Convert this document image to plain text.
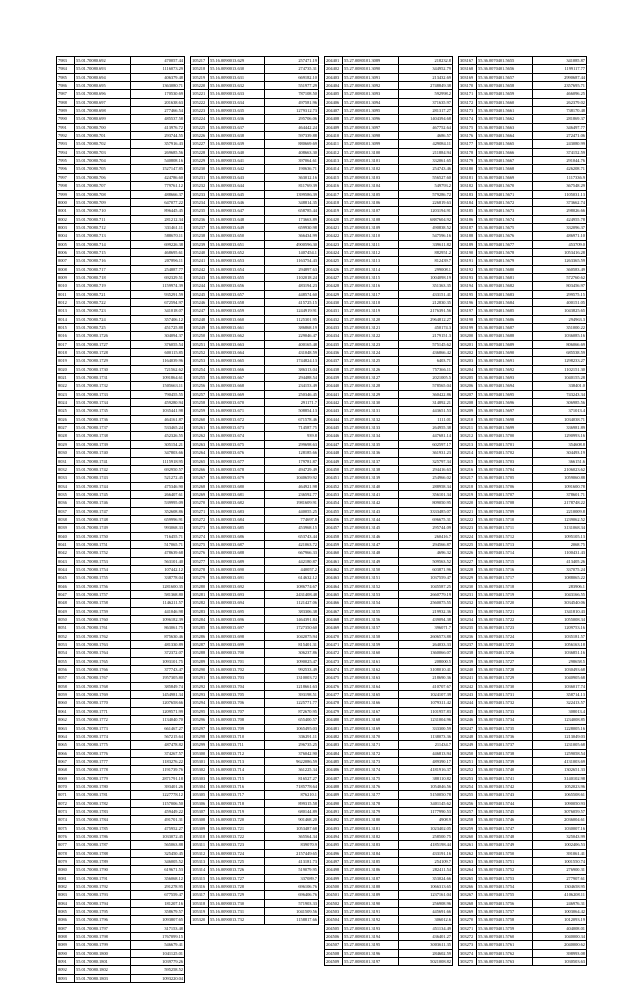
7983	55.01.70080.692	470057.44
7984	55.01.70080.693	1116073.29
7985	55.01.70080.694	406379.48
7986	55.01.70080.695	1363080.71
7987	55.01.70080.696	170530.69
7988	55.01.70080.697	201638.63
7989	55.01.70080.698	277466.54
7990	55.01.70080.699	485537.58
7991	55.01.70080.700	413976.72
7992	55.01.70080.701	293744.55
7993	55.01.70080.702	357916.43
7994	55.01.70080.703	269685.56
7995	55.01.70080.704	540808.16
7996	55.01.70080.705	1527147.85
7997	55.01.70080.706	424786.60
7998	55.01.70080.707	779761.12
7999	55.01.70080.708	488666.37
8000	55.01.70080.709	647077.22
8001	55.01.70080.710	896445.45
8002	55.01.70080.711	281212.34
8003	55.01.70080.712	331461.11
8004	55.01.70080.713	588670.11
8005	55.01.70080.714	699226.38
8006	55.01.70080.715	468695.61
8007	55.01.70080.716	207896.11
8008	55.01.70080.717	254887.77
8009	55.01.70080.718	692329.51
8010	55.01.70080.719	1159974.39
8011	55.01.70080.721	935291.59
8012	55.01.70080.722	672594.97
8013	55.01.70080.723	341018.07
8014	55.01.70080.724	357406.12
8015	55.01.70080.725	451725.88
8016	55.01.70080.1726	304094.37
8017	55.01.70080.1727	376055.54
8018	55.01.70080.1728	600115.85
8019	55.01.70080.1729	1164039.96
8020	55.01.70080.1730	721562.62
8021	55.01.70080.1731	1091864.61
8022	55.01.70080.1732	1505663.11
8023	55.01.70080.1733	790455.55
8024	55.01.70080.1734	459280.94
8025	55.01.70080.1735	1035441.98
8026	55.01.70080.1736	464161.87
8027	55.01.70080.1737	533465.24
8028	55.01.70080.1738	452326.55
8029	55.01.70080.1739	305154.21
8030	55.01.70080.1740	347803.66
8031	55.01.70080.1741	1115918.95
8032	55.01.70080.1742	692950.57
8033	55.01.70080.1743	521272.45
8034	55.01.70080.1744	475346.90
8035	55.01.70080.1745	266407.61
8036	55.01.70080.1746	539995.09
8037	55.01.70080.1747	352608.86
8038	55.01.70080.1748	659996.91
8039	55.01.70080.1749	993068.33
8040	55.01.70080.1750	716455.71
8041	55.01.70080.1751	517065.71
8042	55.01.70080.1752	478639.68
8043	55.01.70080.1753	563101.40
8044	55.01.70080.1754	107442.12
8045	55.01.70080.1755	338778.04
8046	55.01.70080.1756	1281600.35
8047	55.01.70080.1757	581368.80
8048	55.01.70080.1758	1146211.57
8049	55.01.70080.1759	441046.98
8050	55.01.70080.1760	1096182.39
8051	55.01.70080.1761	863061.75
8052	55.01.70080.1762	875630.46
8053	55.01.70080.1763	481330.89
8054	55.01.70080.1764	372372.07
8055	55.01.70080.1765	1093101.75
8056	55.01.70080.1766	377743.47
8057	55.01.70080.1767	1957305.80
8058	55.01.70080.1768	385849.74
8059	55.01.70080.1769	1454981.34
8060	55.01.70080.1770	1207658.66
8061	55.01.70080.1771	1209571.99
8062	55.01.70080.1772	1134040.70
8063	55.01.70080.1773	661467.27
8064	55.01.70080.1774	567215.64
8065	55.01.70080.1775	487478.82
8066	55.01.70080.1776	374267.57
8067	55.01.70080.1777	1183276.22
8068	55.01.70080.1778	1191739.76
8069	55.01.70080.1779	2871791.18
8070	55.01.70080.1780	393401.26
8071	55.01.70080.1781	1227778.12
8072	55.01.70080.1782	1157006.50
8073	55.01.70080.1783	459449.22
8074	55.01.70080.1784	491701.31
8075	55.01.70080.1785	475952.27
8076	55.01.70080.1786	1033072.45
8077	55.01.70080.1787	565063.88
8078	55.01.70080.1788	325450.45
8079	55.01.70080.1789	346005.52
8080	55.01.70080.1790	619671.53
8081	55.01.70080.1791	356068.12
8082	55.01.70080.1792	291278.95
8083	55.01.70080.1793	677559.47
8084	55.01.70080.1794	181207.16
8085	55.01.70080.1795	358679.57
8086	55.01.70080.1796	1093807.65
8087	55.01.70080.1797	317153.48
8088	55.01.70080.1798	1767099.15
8089	55.01.70080.1799	546679.41
8090	55.01.70080.1800	1041125.01
8091	55.01.70080.1801	1039779.26
8092	55.01.70080.1802	595258.52
8093	55.01.70080.1803	1093220.04
105217	55.16.0090013.629	257471.19
105218	55.16.0090013.630	274735.31
105219	55.16.0090013.631	669182.10
105220	55.16.0090013.632	551977.29
105221	55.16.0090013.633	787108.50
105222	55.16.0090013.634	497581.96
105223	55.16.0090013.635	1279312.73
105224	55.16.0090013.636	295706.06
105225	55.16.0090013.637	464442.24
105226	55.16.0090013.638	597339.88
105227	55.16.0090013.639	880669.69
105228	55.16.0090013.640	408663.30
105229	55.16.0090013.641	397064.61
105230	55.16.0090013.642	190636.71
105231	55.16.0090013.643	363012.16
105232	55.16.0090013.644	811769.39
105233	55.16.0090013.645	1399586.39
105234	55.16.0090013.646	348814.35
105235	55.16.0090013.647	658785.44
105236	55.16.0090013.648	173663.89
105237	55.16.0090013.649	659930.98
105238	55.16.0090013.650	366434.99
105239	55.16.0090013.651	4900596.30
105240	55.16.0090013.652	1407454.1
105241	55.16.0090013.653	1163754.43
105242	55.16.0090013.654	294897.63
105243	55.16.0090013.655	1102018.24
105244	55.16.0090013.656	483194.23
105245	55.16.0090013.657	448574.60
105246	55.16.0090013.658	415725.15
105247	55.16.0090013.659	1244919.91
105248	55.16.0090013.660	1125301.95
105249	55.16.0090013.661	386868.19
105250	55.16.0090013.662	229046.47
105251	55.16.0090013.663	400165.48
105252	55.16.0090013.664	431048.59
105253	55.16.0090013.665	1744824.13
105254	55.16.0090013.666	386313.04
105255	55.16.0090013.667	294488.54
105256	55.16.0090013.668	234153.49
105257	55.16.0090013.669	250346.45
105258	55.16.0090013.670	291171.7
105259	55.16.0090013.671	508854.13
105260	55.16.0090013.672	671578.46
105261	55.16.0090013.673	714587.75
105262	55.16.0090013.674	939.8
105263	55.16.0090013.675	299698.63
105264	55.16.0090013.676	128185.66
105265	55.16.0090013.677	179781.87
105266	55.16.0090013.678	494729.49
105267	55.16.0090013.679	1040659.92
105268	55.16.0090013.680	464921.98
105269	55.16.0090013.681	236592.77
105270	55.16.0090013.682	1981609.91
105271	55.16.0090013.683	440055.25
105272	55.16.0090013.684	774697.8
105273	55.16.0090013.685	453968.15
105274	55.16.0090013.686	653743.44
105275	55.16.0090013.687	421063.72
105276	55.16.0090013.688	667966.33
105277	55.16.0090013.689	442180.87
105278	55.16.0090013.690	440057.2
105279	55.16.0090013.691	614632.12
105280	55.16.0090013.692	1086774.67
105281	55.16.0090013.693	2431408.48
105282	55.16.0090013.694	1121427.06
105283	55.16.0090013.695	383306.38
105284	55.16.0090013.696	1464391.84
105285	55.16.0090013.697	1727350.60
105286	55.16.0090013.698	1042075.94
105287	55.16.0090013.699	815401.31
105288	55.16.0090013.700	306237.86
105289	55.16.0090013.701	1090025.47
105290	55.16.0090013.702	992533.49
105291	55.16.0090013.703	1310003.72
105292	55.16.0090013.704	1218661.63
105293	55.16.0090013.705	393198.51
105294	55.16.0090013.706	1225771.77
105295	55.16.0090013.707	872670.95
105296	55.16.0090013.708	655400.57
105297	55.16.0090013.709	1065495.03
105298	55.16.0090013.710	336291.11
105299	55.16.0090013.711	296735.25
105300	55.16.0090013.712	376042.90
105301	55.16.0090013.713	9622086.59
105302	55.16.0090013.714	361225.34
105303	55.16.0090013.715	816527.27
105304	55.16.0090013.716	7185778.64
105305	55.16.0090013.717	876210.1
105306	55.16.0090013.718	899315.58
105307	55.16.0090013.719	680144.89
105308	55.16.0090013.720	901468.20
105309	55.16.0090013.721	1053487.68
105310	55.16.0090013.722	365564.34
105311	55.16.0090013.723	839070.9
105312	55.16.0090013.724	2157449.65
105313	55.16.0090013.725	413181.73
105314	55.16.0090013.726	519079.95
105315	55.16.0090013.727	337089.7
105316	55.16.0090013.728	696106.76
105317	55.16.0090013.729	696406.76
105318	55.16.0090013.730	571903.33
105319	55.16.0090013.731	1041509.56
105320	55.16.0090013.732	1158817.66
204401	55.27.0080101.3089	218232.8
204402	55.27.0080101.3090	344952.79
204403	55.27.0080101.3091	213432.69
204404	55.27.0080101.3092	2748849.38
204405	55.27.0080101.3093	592998.2
204406	55.27.0080101.3094	371635.97
204407	55.27.0080101.3095	281317.27
204408	55.27.0080101.3096	1404394.68
204409	55.27.0080101.3097	467752.64
204410	55.27.0080101.3098	4686.57
204411	55.27.0080101.3099	429084.11
204412	55.27.0080101.3100	211884.94
204413	55.27.0080101.3101	332061.65
204414	55.27.0080101.3102	254743.46
204415	55.27.0080101.3103	556527.60
204416	55.27.0080101.3104	549793.2
204417	55.27.0080101.3105	579286.72
204418	55.27.0080101.3106	226819.63
204419	55.27.0080101.3107	1203194.91
204420	55.27.0080101.3108	6887604.92
204421	55.27.0080101.3109	490838.52
204422	55.27.0080101.3110	547596.16
204423	55.27.0080101.3111	339611.82
204424	55.27.0080101.3112	882951.2
204425	55.27.0080101.3113	812439.7
204426	55.27.0080101.3114	299008.1
204427	55.27.0080101.3115	1004098.19
204428	55.27.0080101.3116	351363.35
204429	55.27.0080101.3117	433151.41
204430	55.27.0080101.3118	212830.35
204431	55.27.0080101.3119	2176391.56
204432	55.27.0080101.3120	2964812.27
204433	55.27.0080101.3121	450174.3
204434	55.27.0080101.3122	2179151.3
204435	55.27.0080101.3123	575145.62
204436	55.27.0080101.3124	436866.42
204437	55.27.0080101.3125	6403.71
204438	55.27.0080101.3126	757366.11
204439	55.27.0080101.3127	2021005.5
204440	55.27.0080101.3128	578565.04
204441	55.27.0080101.3129	360422.86
204442	55.27.0080101.3130	314892.21
204443	55.27.0080101.3131	443651.53
204444	55.27.0080101.3132	1111.01
204445	55.27.0080101.3133	264955.38
204446	55.27.0080101.3134	447681.14
204447	55.27.0080101.3135	602597.17
204448	55.27.0080101.3136	361931.23
204449	55.27.0080101.3137	325797.34
204450	55.27.0080101.3138	294416.63
204451	55.27.0080101.3139	254966.02
204452	55.27.0080101.3140	288958.34
204453	55.27.0080101.3141	356101.34
204454	55.27.0080101.3142	809050.95
204455	55.27.0080101.3143	3333485.07
204456	55.27.0080101.3144	696675.31
204457	55.27.0080101.3145	295744.09
204458	55.27.0080101.3146	260416.7
204459	55.27.0080101.3147	294566.87
204460	55.27.0080101.3148	4696.32
204461	55.27.0080101.3149	509563.52
204462	55.27.0080101.3150	603871.96
204463	55.27.0080101.3151	1037559.47
204464	55.27.0080101.3152	1045587.25
204465	55.27.0080101.3153	2660779.19
204466	55.27.0080101.3154	2560075.55
204467	55.27.0080101.3155	219932.36
204468	55.27.0080101.3156	439094.38
204469	55.27.0080101.3157	396071.7
204470	55.27.0080101.3158	2606573.88
204471	55.27.0080101.3159	264033.33
204472	55.27.0080101.3160	1360066.07
204473	55.27.0080101.3161	208000.5
204474	55.27.0080101.3162	3108010.41
204475	55.27.0080101.3163	218690.36
204476	55.27.0080101.3164	410707.67
204477	55.27.0080101.3165	1024107.39
204478	55.27.0080101.3166	1079311.42
204479	55.27.0080101.3167	1101957.83
204480	55.27.0080101.3168	1231004.96
204481	55.27.0080101.3169	333300.59
204482	55.27.0080101.3170	1138073.36
204483	55.27.0080101.3171	211434.7
204484	55.27.0080101.3172	446813.94
204485	55.27.0080101.3173	489390.17
204486	55.27.0080101.3174	4181916.37
204487	55.27.0080101.3175	388110.82
204488	55.27.0080101.3176	1054046.56
204489	55.27.0080101.3177	5150050.78
204490	55.27.0080101.3178	3401145.62
204491	55.27.0080101.3179	1177990.53
204492	55.27.0080101.3180	4908.9
204493	55.27.0080101.3181	1023402.05
204494	55.27.0080101.3182	258500.75
204495	55.27.0080101.3183	4185198.44
204496	55.27.0080101.3184	433191.16
204497	55.27.0080101.3185	254109.7
204498	55.27.0080101.3186	282411.54
204499	55.27.0080101.3187	353024.66
204500	55.27.0080101.3188	1066313.65
204501	55.27.0080101.3189	1237161.04
204502	55.27.0080101.3190	256908.96
204503	55.27.0080101.3191	445691.66
204504	55.27.0080101.3192	306012.6
204505	55.27.0080101.3193	451134.49
204506	55.27.0080101.3194	436401.27
204507	55.27.0080101.3195	3003611.35
204508	55.27.0080101.3196	284602.59
204509	55.27.0080101.3197	5021008.82
303167	55.36.0070401.5655	341085.87
303168	55.36.0070401.5656	1199117.77
303169	55.36.0070401.5657	2990687.44
303170	55.36.0070401.5658	2357695.71
303171	55.36.0070401.5659	466096.25
303172	55.36.0070401.5660	262379.02
303173	55.36.0070401.5661	738170.48
303174	55.36.0070401.5662	281869.37
303175	55.36.0070401.5663	346497.77
303176	55.36.0070401.5664	272471.06
303177	55.36.0070401.5665	243080.99
303178	55.36.0070401.5666	374152.59
303179	55.36.0070401.5667	291044.76
303180	55.36.0070401.5668	426208.71
303181	55.36.0070401.5669	1117336.9
303182	55.36.0070401.5670	367548.29
303183	55.36.0070401.5671	1105031.13
303184	55.36.0070401.5672	373662.74
303185	55.36.0070401.5673	298026.66
303186	55.36.0070401.5674	424955.78
303187	55.36.0070401.5675	332096.37
303188	55.36.0070401.5676	486971.10
303189	55.36.0070401.5677	453709.0
303190	55.36.0070401.5678	1053416.28
303191	55.36.0070401.5679	1263365.59
303192	55.36.0070401.5680	360583.49
303193	55.36.0070401.5681	572760.62
303194	55.36.0070401.5682	803456.97
303195	55.36.0070401.5683	299575.15
303196	55.36.0070401.5684	400151.05
303197	55.36.0070401.5685	1043825.65
303198	55.36.0070401.5686	294963.3
303199	55.36.0070401.5687	351000.22
303200	55.36.0070401.5688	1036085.16
303201	55.36.0070401.5689	806066.69
303202	55.36.0070401.5690	685538.59
303203	55.36.0070401.5691	1298233.27
303204	55.36.0070401.5692	1102151.30
303205	55.36.0070401.5693	1040155.28
303206	55.36.0070401.5694	338401.0
303207	55.36.0070401.5695	743243.34
303208	55.36.0070401.5696	306985.56
303209	55.36.0070401.5697	371013.4
303210	55.36.0070401.5698	1034038.71
303211	55.36.0070401.5699	336981.89
303212	55.36.0070401.5700	1290993.16
303213	55.36.0070401.5701	354608.8
303214	55.36.0070401.5702	304493.19
303215	55.36.0070401.5703	366151.6
303216	55.36.0070401.5704	2106023.62
303217	55.36.0070401.5705	1059060.88
303218	55.36.0070401.5706	1091600.78
303219	55.36.0070401.5707	378601.71
303220	55.36.0070401.5708	2178748.22
303221	55.36.0070401.5709	2210009.8
303222	55.36.0070401.5710	1239062.52
303223	55.36.0070401.5711	3131068.34
303224	55.36.0070401.5712	1095105.13
303225	55.36.0070401.5713	2068.75
303226	55.36.0070401.5714	1100431.43
303227	55.36.0070401.5715	413405.26
303228	55.36.0070401.5716	337075.24
303229	55.36.0070401.5717	1088065.22
303230	55.36.0070401.5718	283906.1
303231	55.36.0070401.5719	1043166.55
303232	55.36.0070401.5720	3034540.06
303233	55.36.0070401.5721	1341810.43
303234	55.36.0070401.5722	1055008.34
303235	55.36.0070401.5723	1209753.16
303236	55.36.0070401.5724	1035181.57
303237	55.36.0070401.5725	1056163.18
303238	55.36.0070401.5726	1036851.16
303239	55.36.0070401.5727	298658.5
303240	55.36.0070401.5728	1030493.68
303241	55.36.0070401.5729	1040905.68
303242	55.36.0070401.5730	1036017.74
303243	55.36.0070401.5731	358714.13
303244	55.36.0070401.5732	322413.57
303245	55.36.0070401.5733	308013.4
303246	55.36.0070401.5734	1234008.85
303247	55.36.0070401.5735	1228005.16
303248	55.36.0070401.5736	1213049.03
303249	55.36.0070401.5737	1231005.68
303250	55.36.0070401.5738	1259058.54
303251	55.36.0070401.5739	4131003.69
303252	55.36.0070401.5740	1302651.33
303253	55.36.0070401.5741	3140102.98
303254	55.36.0070401.5742	1052023.96
303255	55.36.0070401.5743	1065508.61
303256	55.36.0070401.5744	1090050.93
303257	55.36.0070401.5745	3076059.57
303258	55.36.0070401.5746	2036004.61
303259	55.36.0070401.5747	1030007.16
303260	55.36.0070401.5748	325043.99
303261	55.36.0070401.5749	1002406.53
303262	55.36.0070401.5750	391061.41
303263	55.36.0070401.5751	1001550.74
303264	55.36.0070401.5752	276900.31
303265	55.36.0070401.5753	277907.61
303266	55.36.0070401.5754	1304658.95
303267	55.36.0070401.5755	4106208.11
303268	55.36.0070401.5756	246976.31
303269	55.36.0070401.5757	1003064.42
303270	55.36.0070401.5758	1012093.19
303271	55.36.0070401.5759	404008.01
303272	55.36.0070401.5760	1040000.34
303273	55.36.0070401.5761	2040000.62
303274	55.36.0070401.5762	398993.08
303275	55.36.0070401.5763	1030503.63
